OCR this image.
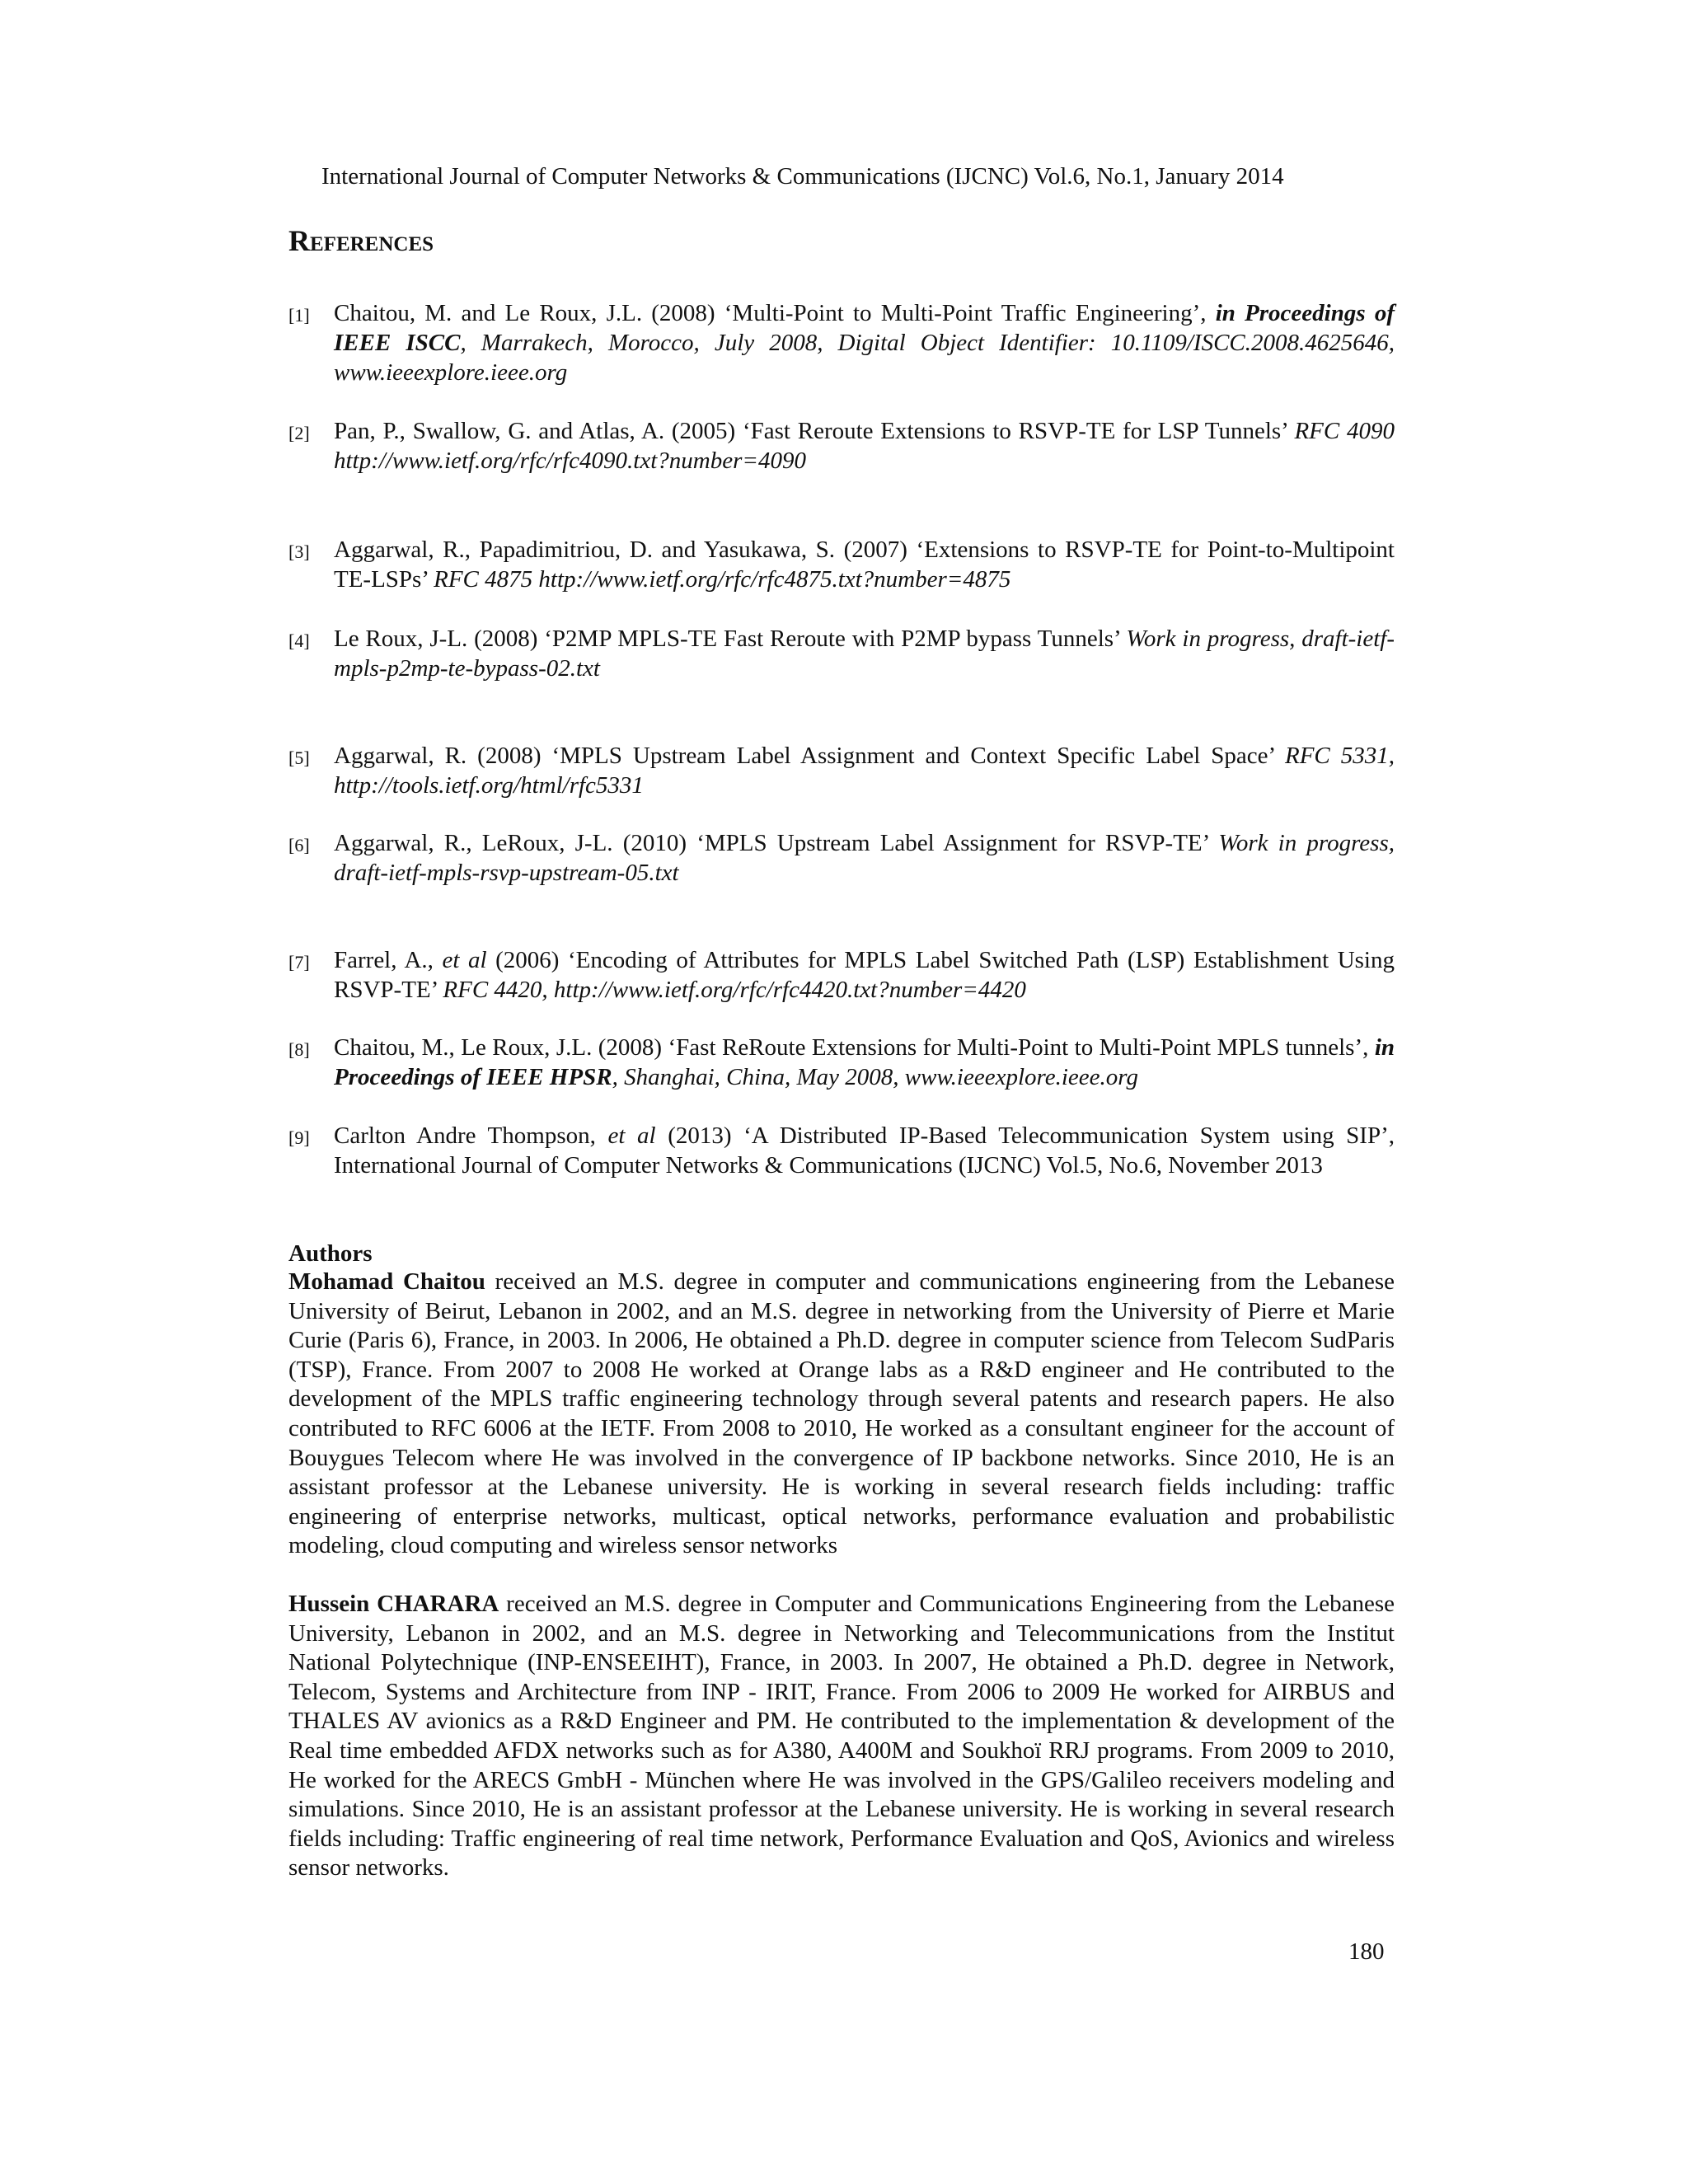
International Journal of Computer Networks & Communications (IJCNC) Vol.6, No.1, January 2014
References
[1] Chaitou, M. and Le Roux, J.L. (2008) ‘Multi-Point to Multi-Point Traffic Engineering’, in Proceedings of IEEE ISCC, Marrakech, Morocco, July 2008, Digital Object Identifier: 10.1109/ISCC.2008.4625646, www.ieeexplore.ieee.org
[2] Pan, P., Swallow, G. and Atlas, A. (2005) ‘Fast Reroute Extensions to RSVP-TE for LSP Tunnels’ RFC 4090 http://www.ietf.org/rfc/rfc4090.txt?number=4090
[3] Aggarwal, R., Papadimitriou, D. and Yasukawa, S. (2007) ‘Extensions to RSVP-TE for Point-to-Multipoint TE-LSPs’ RFC 4875 http://www.ietf.org/rfc/rfc4875.txt?number=4875
[4] Le Roux, J-L. (2008) ‘P2MP MPLS-TE Fast Reroute with P2MP bypass Tunnels’ Work in progress, draft-ietf-mpls-p2mp-te-bypass-02.txt
[5] Aggarwal, R. (2008) ‘MPLS Upstream Label Assignment and Context Specific Label Space’ RFC 5331, http://tools.ietf.org/html/rfc5331
[6] Aggarwal, R., LeRoux, J-L. (2010) ‘MPLS Upstream Label Assignment for RSVP-TE’ Work in progress, draft-ietf-mpls-rsvp-upstream-05.txt
[7] Farrel, A., et al (2006) ‘Encoding of Attributes for MPLS Label Switched Path (LSP) Establishment Using RSVP-TE’ RFC 4420, http://www.ietf.org/rfc/rfc4420.txt?number=4420
[8] Chaitou, M., Le Roux, J.L. (2008) ‘Fast ReRoute Extensions for Multi-Point to Multi-Point MPLS tunnels’, in Proceedings of IEEE HPSR, Shanghai, China, May 2008, www.ieeexplore.ieee.org
[9] Carlton Andre Thompson, et al (2013) ‘A Distributed IP-Based Telecommunication System using SIP’, International Journal of Computer Networks & Communications (IJCNC) Vol.5, No.6, November 2013
Authors
Mohamad Chaitou received an M.S. degree in computer and communications engineering from the Lebanese University of Beirut, Lebanon in 2002, and an M.S. degree in networking from the University of Pierre et Marie Curie (Paris 6), France, in 2003. In 2006, He obtained a Ph.D. degree in computer science from Telecom SudParis (TSP), France. From 2007 to 2008 He worked at Orange labs as a R&D engineer and He contributed to the development of the MPLS traffic engineering technology through several patents and research papers. He also contributed to RFC 6006 at the IETF. From 2008 to 2010, He worked as a consultant engineer for the account of Bouygues Telecom where He was involved in the convergence of IP backbone networks. Since 2010, He is an assistant professor at the Lebanese university. He is working in several research fields including: traffic engineering of enterprise networks, multicast, optical networks, performance evaluation and probabilistic modeling, cloud computing and wireless sensor networks
Hussein CHARARA received an M.S. degree in Computer and Communications Engineering from the Lebanese University, Lebanon in 2002, and an M.S. degree in Networking and Telecommunications from the Institut National Polytechnique (INP-ENSEEIHT), France, in 2003. In 2007, He obtained a Ph.D. degree in Network, Telecom, Systems and Architecture from INP - IRIT, France. From 2006 to 2009 He worked for AIRBUS and THALES AV avionics as a R&D Engineer and PM. He contributed to the implementation & development of the Real time embedded AFDX networks such as for A380, A400M and Soukhoï RRJ programs. From 2009 to 2010, He worked for the ARECS GmbH - München where He was involved in the GPS/Galileo receivers modeling and simulations. Since 2010, He is an assistant professor at the Lebanese university. He is working in several research fields including: Traffic engineering of real time network, Performance Evaluation and QoS, Avionics and wireless sensor networks.
180
